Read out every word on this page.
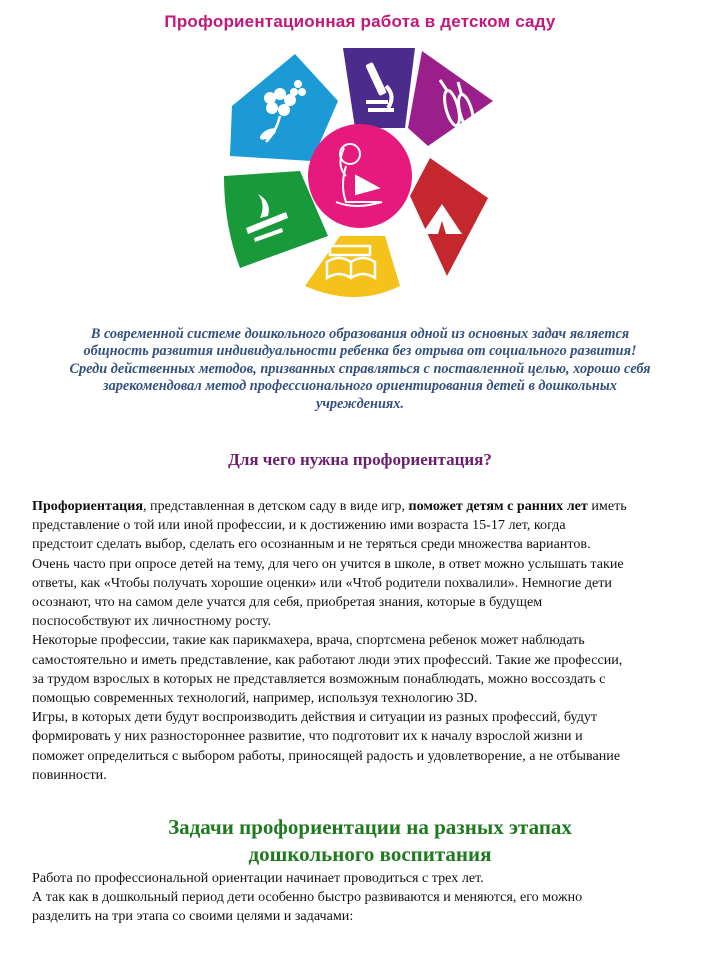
Профориентационная работа в детском саду
В современной системе дошкольного образования одной из основных задач является
общность развития индивидуальности ребенка без отрыва от социального развития!
Среди действенных методов, призванных справляться с поставленной целью, хорошо себя
зарекомендовал метод профессионального ориентирования детей в дошкольных
учреждениях.
Для чего нужна профориентация?

Профориентация, представленная в детском саду в виде игр, поможет детям с ранних лет иметь
представление о той или иной профессии, и к достижению ими возраста 15-17 лет, когда
предстоит сделать выбор, сделать его осознанным и не теряться среди множества вариантов.
Очень часто при опросе детей на тему, для чего он учится в школе, в ответ можно услышать такие
ответы, как «Чтобы получать хорошие оценки» или «Чтоб родители похвалили». Немногие дети
осознают, что на самом деле учатся для себя, приобретая знания, которые в будущем
поспособствуют их личностному росту.

Некоторые профессии, такие как парикмахера, врача, спортсмена ребенок может наблюдать
самостоятельно и иметь представление, как работают люди этих профессий. Такие же профессии,
за трудом взрослых в которых не представляется возможным понаблюдать, можно воссоздать с
помощью современных технологий, например, используя технологию 3D.

Игры, в которых дети будут воспроизводить действия и ситуации из разных профессий, будут
формировать у них разностороннее развитие, что подготовит их к началу взрослой жизни и
поможет определиться с выбором работы, приносящей радость и удовлетворение, а не отбывание
повинности.

Задачи профориентации на разных этапах
дошкольного воспитания

Работа по профессиональной ориентации начинает проводиться с трех лет.

А так как в дошкольный период дети особенно быстро развиваются и меняются, его можно

разделить на три этапа со своими целями и задачами:
